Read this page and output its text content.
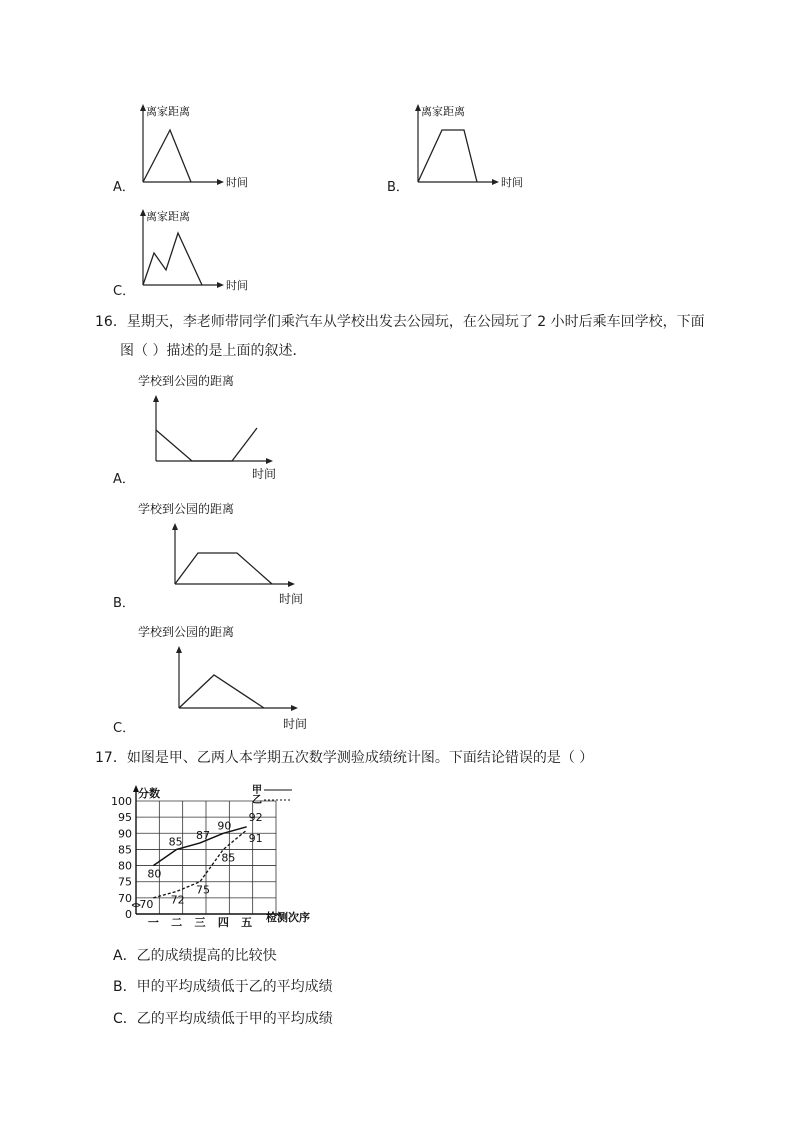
A．
离家距离
时间	B．
离家距离
时间
C．
离家距离
时间
16．星期天，李老师带同学们乘汽车从学校出发去公园玩，在公园玩了 2 小时后乘车回学校，下面
图（ ）描述的是上面的叙述．
A．
学校到公园的距离
时间
B．
学校到公园的距离
时间
C．
学校到公园的距离
时间
17．如图是甲、乙两人本学期五次数学测验成绩统计图。下面结论错误的是（ ）
0
70
75
80
85
90
95
100
一 二 三 四 五
80
85 87
90
92
70 72
75
85
91
分数
检测次序
甲
乙
A．乙的成绩提高的比较快
B．甲的平均成绩低于乙的平均成绩
C．乙的平均成绩低于甲的平均成绩
